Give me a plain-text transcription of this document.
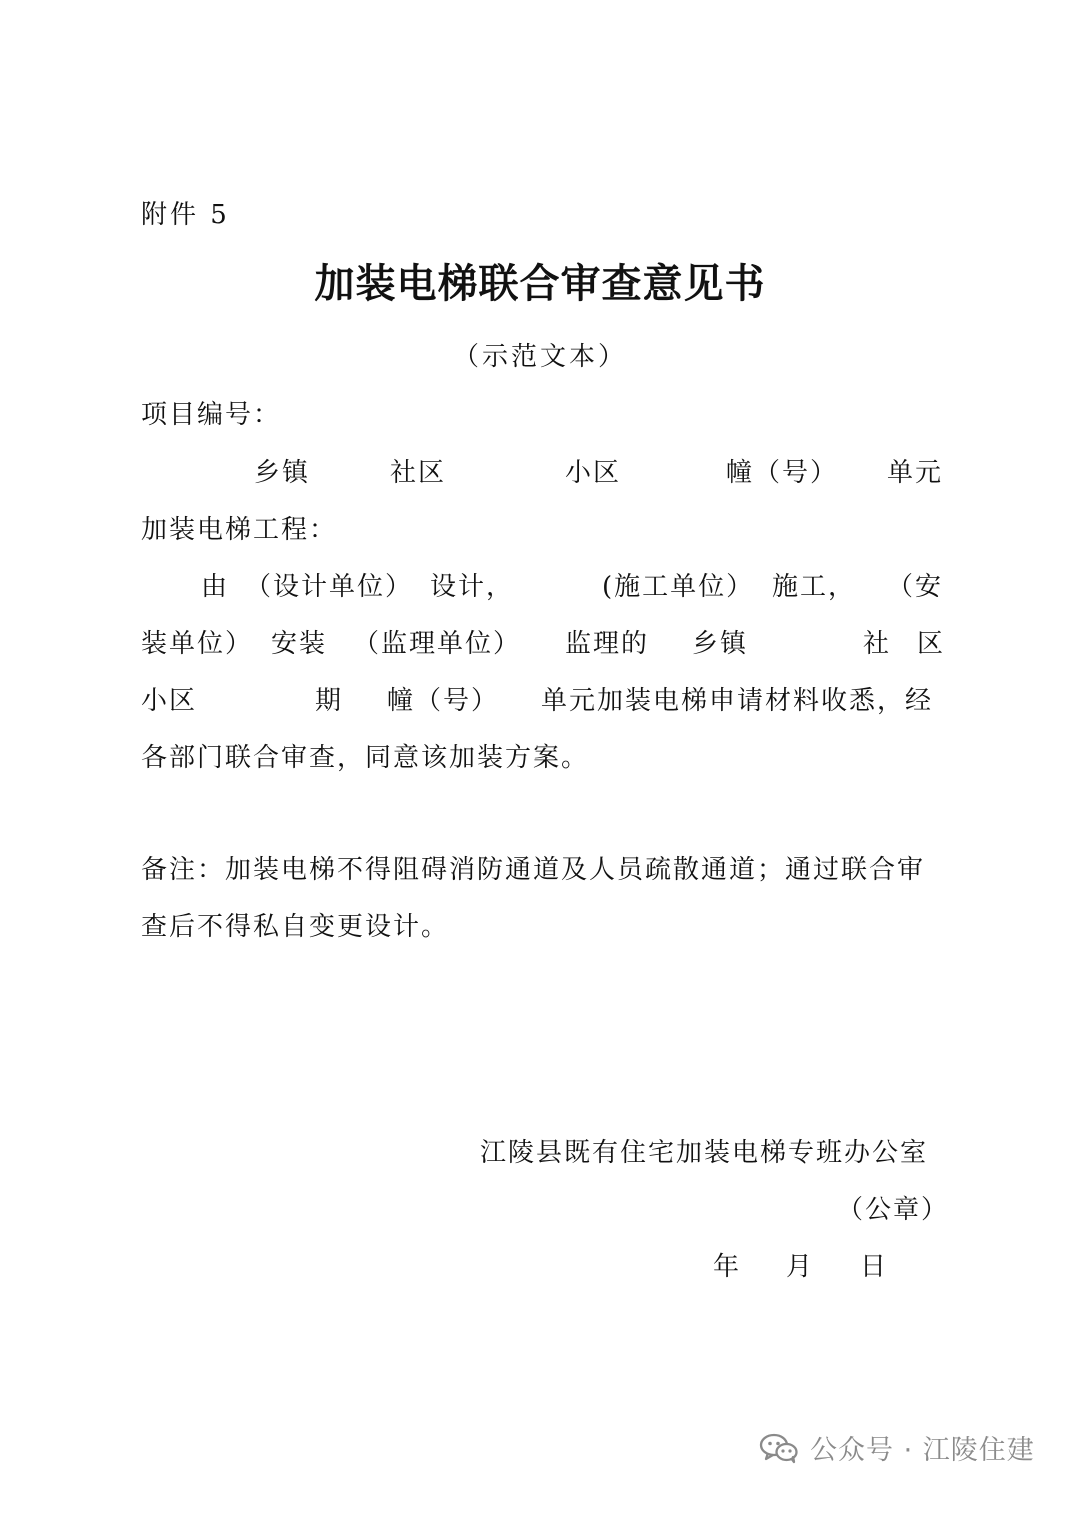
附件 5
加装电梯联合审查意见书
（示范文本）
项目编号：
乡镇	社区	小区	幢（号） 单元
加装电梯工程：
由 （设计单位） 设计，	(施工单位） 施工， （安
装单位） 安装 （监理单位） 监理的 乡镇	社 区
小区	期 幢（号） 单元加装电梯申请材料收悉，经
各部门联合审查，同意该加装方案。
备注：加装电梯不得阻碍消防通道及人员疏散通道；通过联合审
查后不得私自变更设计。
江陵县既有住宅加装电梯专班办公室
（公章）
年 月 日
公众号 · 江陵住建
